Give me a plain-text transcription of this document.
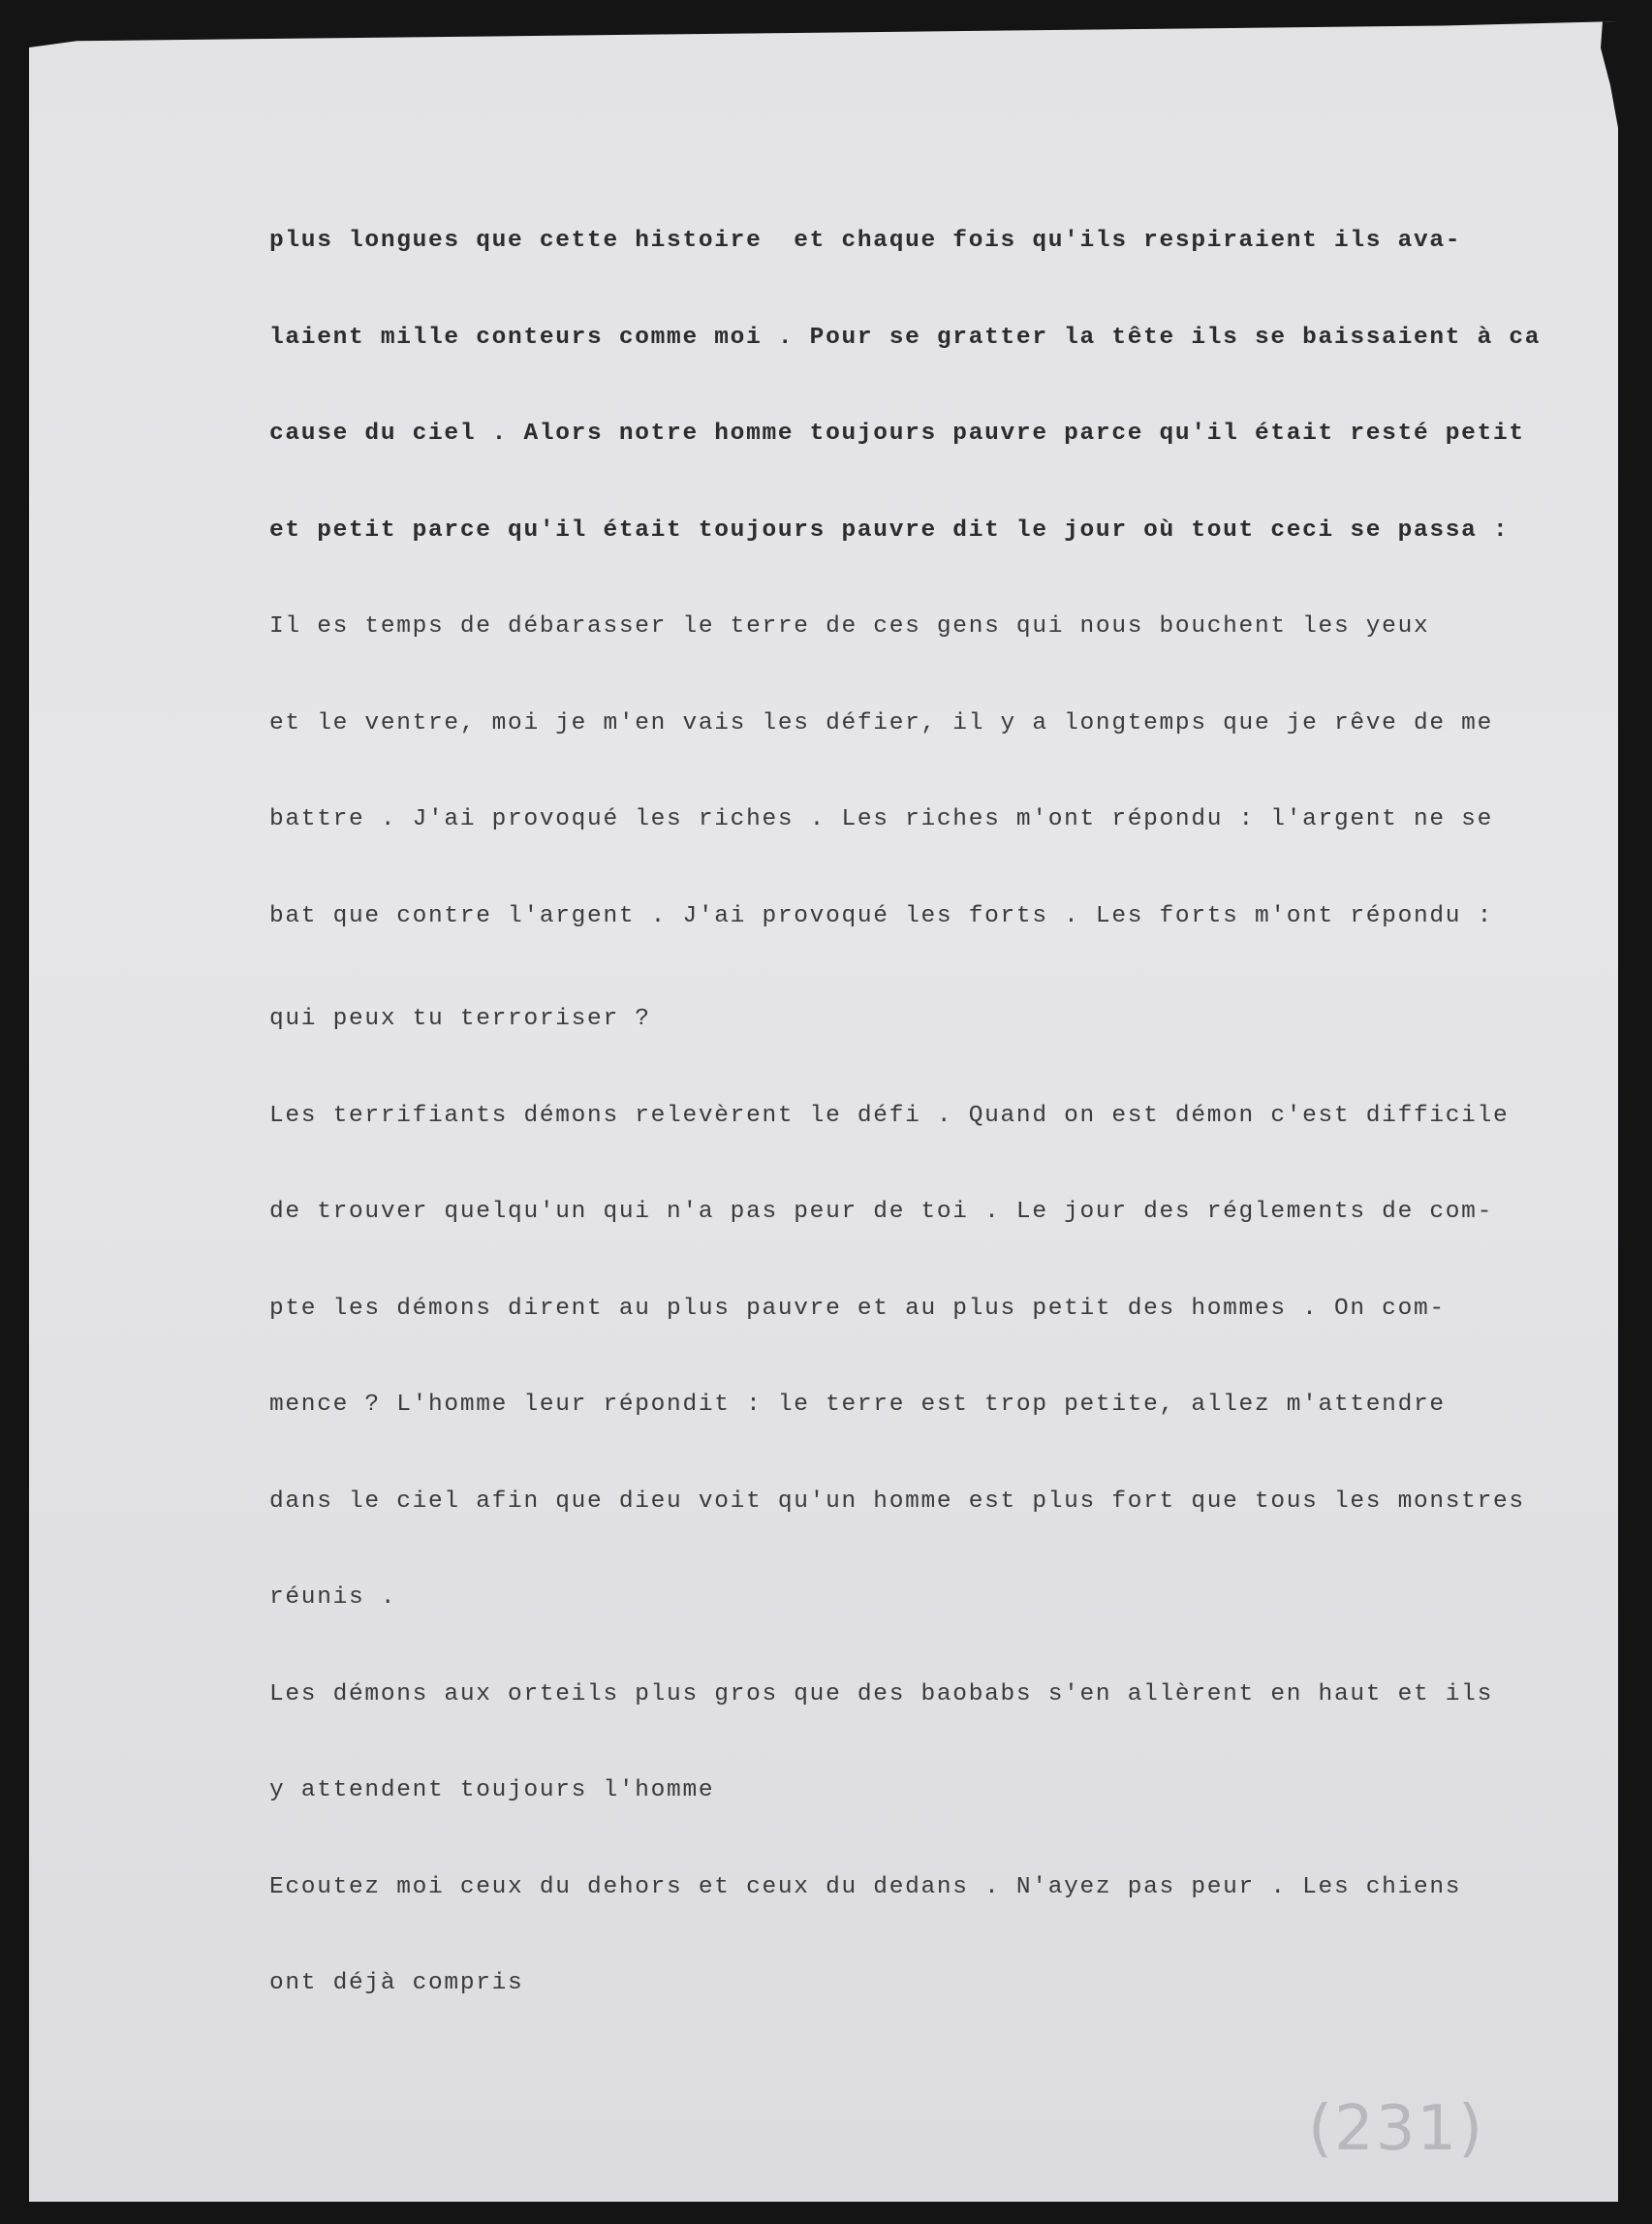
plus longues que cette histoire  et chaque fois qu'ils respiraient ils ava-

laient mille conteurs comme moi . Pour se gratter la tête ils se baissaient à ca

cause du ciel . Alors notre homme toujours pauvre parce qu'il était resté petit

et petit parce qu'il était toujours pauvre dit le jour où tout ceci se passa :

Il es temps de débarasser le terre de ces gens qui nous bouchent les yeux

et le ventre, moi je m'en vais les défier, il y a longtemps que je rêve de me

battre . J'ai provoqué les riches . Les riches m'ont répondu : l'argent ne se

bat que contre l'argent . J'ai provoqué les forts . Les forts m'ont répondu :

qui peux tu terroriser ?

Les terrifiants démons relevèrent le défi . Quand on est démon c'est difficile

de trouver quelqu'un qui n'a pas peur de toi . Le jour des réglements de com-

pte les démons dirent au plus pauvre et au plus petit des hommes . On com-

mence ? L'homme leur répondit : le terre est trop petite, allez m'attendre

dans le ciel afin que dieu voit qu'un homme est plus fort que tous les monstres

réunis .

Les démons aux orteils plus gros que des baobabs s'en allèrent en haut et ils

y attendent toujours l'homme

Ecoutez moi ceux du dehors et ceux du dedans . N'ayez pas peur . Les chiens

ont déjà compris

(231)
